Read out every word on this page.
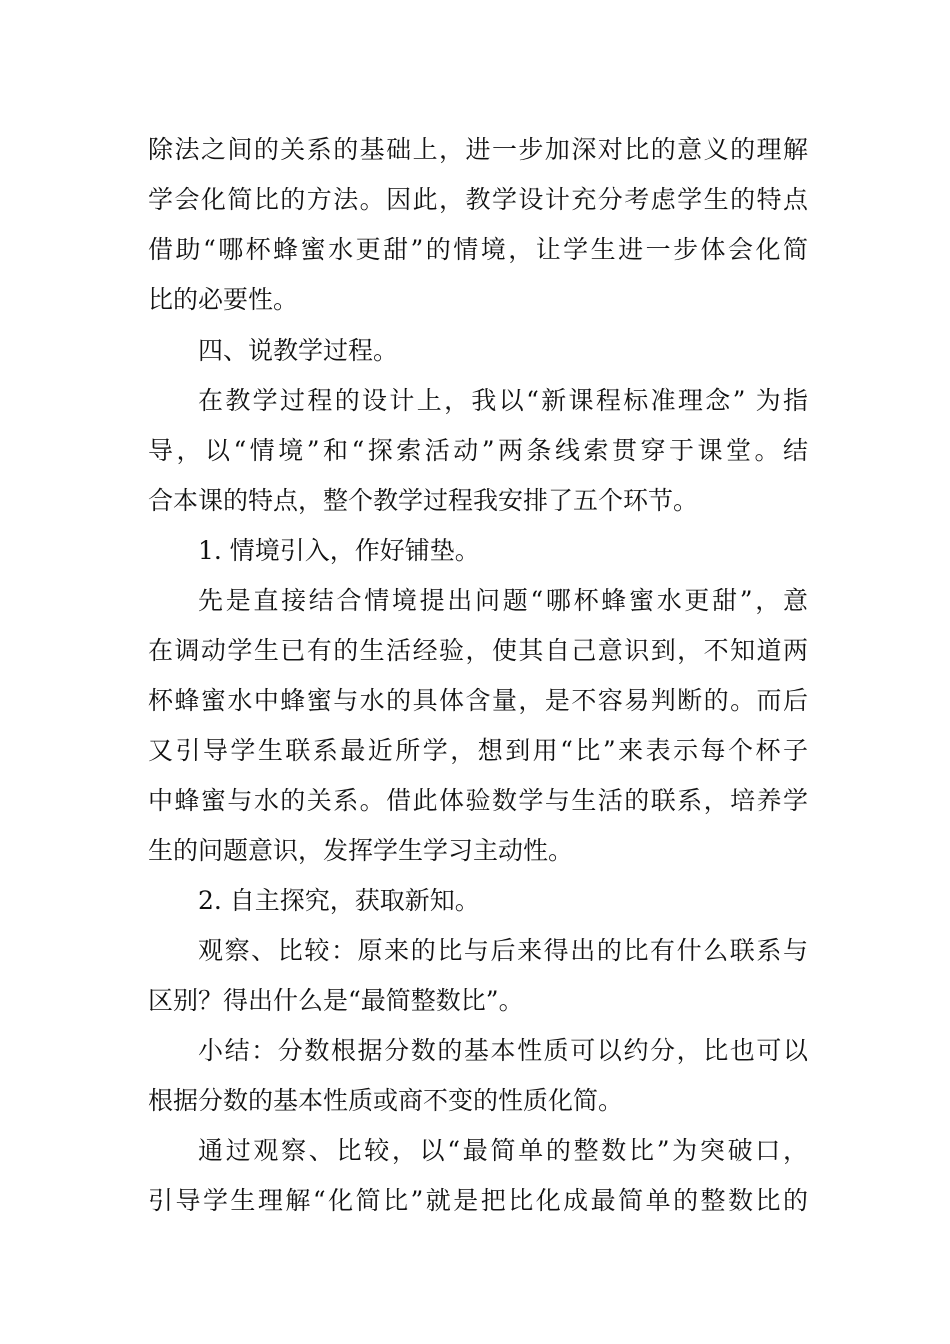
除法之间的关系的基础上，进一步加深对比的意义的理解
学会化简比的方法。因此，教学设计充分考虑学生的特点
借助“哪杯蜂蜜水更甜”的情境，让学生进一步体会化简
比的必要性。
四、说教学过程。
在教学过程的设计上，我以“新课程标准理念” 为指
导，以“情境”和“探索活动”两条线索贯穿于课堂。结
合本课的特点，整个教学过程我安排了五个环节。
1. 情境引入，作好铺垫。
先是直接结合情境提出问题“哪杯蜂蜜水更甜”，意
在调动学生已有的生活经验，使其自己意识到，不知道两
杯蜂蜜水中蜂蜜与水的具体含量，是不容易判断的。而后
又引导学生联系最近所学，想到用“比”来表示每个杯子
中蜂蜜与水的关系。借此体验数学与生活的联系，培养学
生的问题意识，发挥学生学习主动性。
2. 自主探究，获取新知。
观察、比较：原来的比与后来得出的比有什么联系与
区别？得出什么是“最简整数比”。
小结：分数根据分数的基本性质可以约分，比也可以
根据分数的基本性质或商不变的性质化简。
通过观察、比较，以“最简单的整数比”为突破口，
引导学生理解“化简比”就是把比化成最简单的整数比的
